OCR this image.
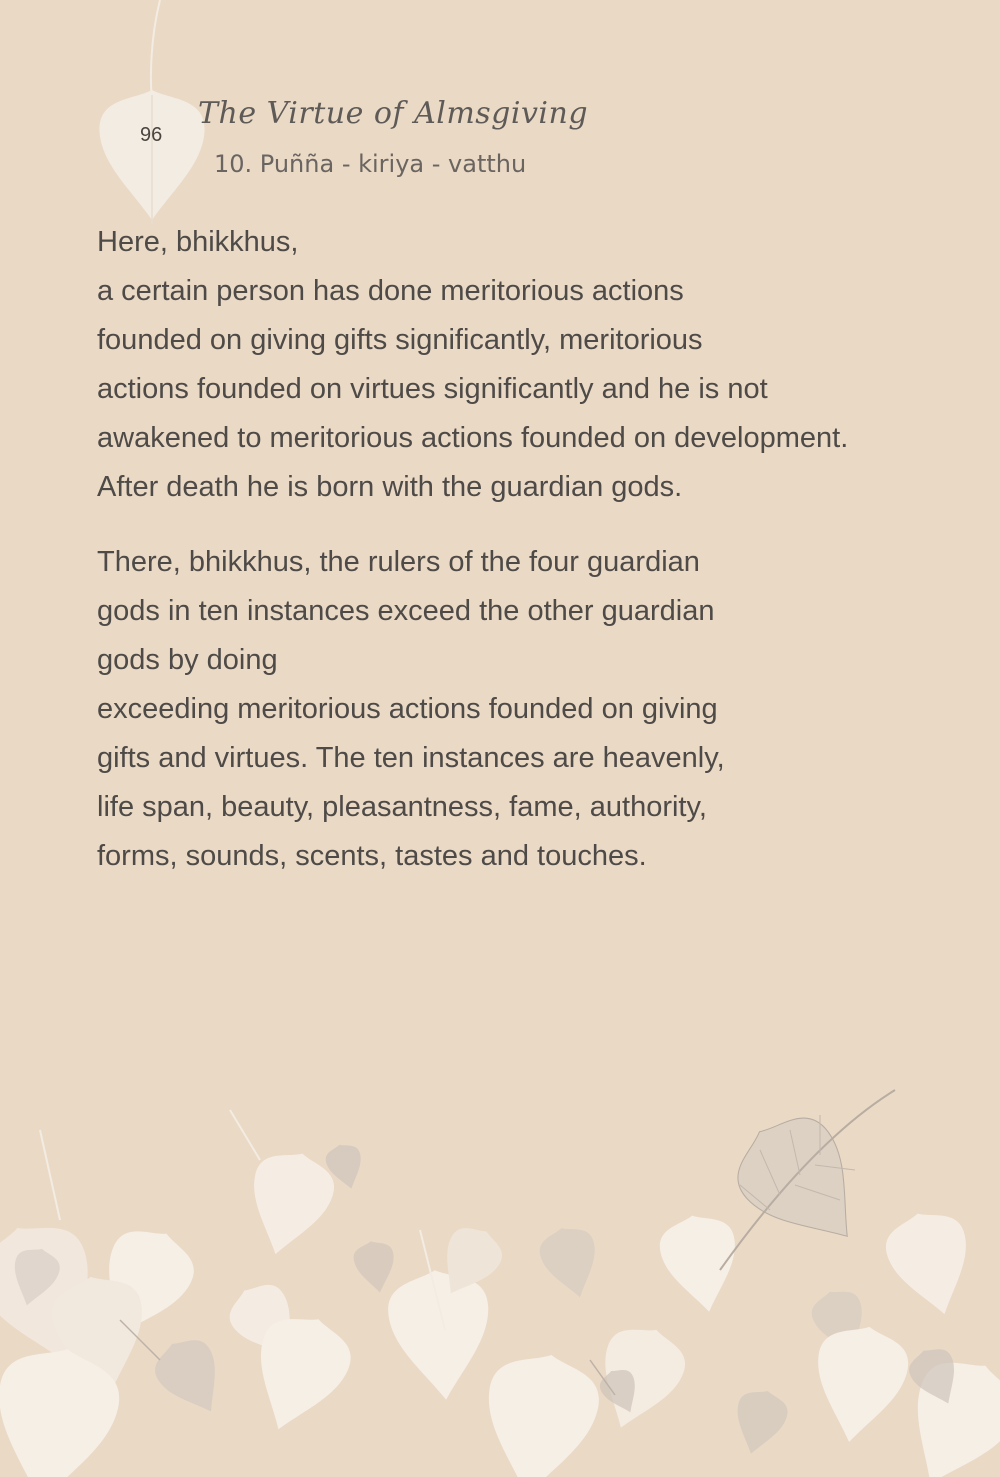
96
The Virtue of Almsgiving
10. Puñña - kiriya - vatthu
Here, bhikkhus,
a certain person has done meritorious actions
founded on giving gifts significantly, meritorious
actions founded on virtues significantly and he is not
awakened to meritorious actions founded on development.
After death he is born with the guardian gods.
There, bhikkhus, the rulers of the four guardian
gods in ten instances exceed the other guardian
gods by doing
exceeding meritorious actions founded on giving
gifts and virtues. The ten instances are heavenly,
life span, beauty, pleasantness, fame, authority,
forms, sounds, scents, tastes and touches.
